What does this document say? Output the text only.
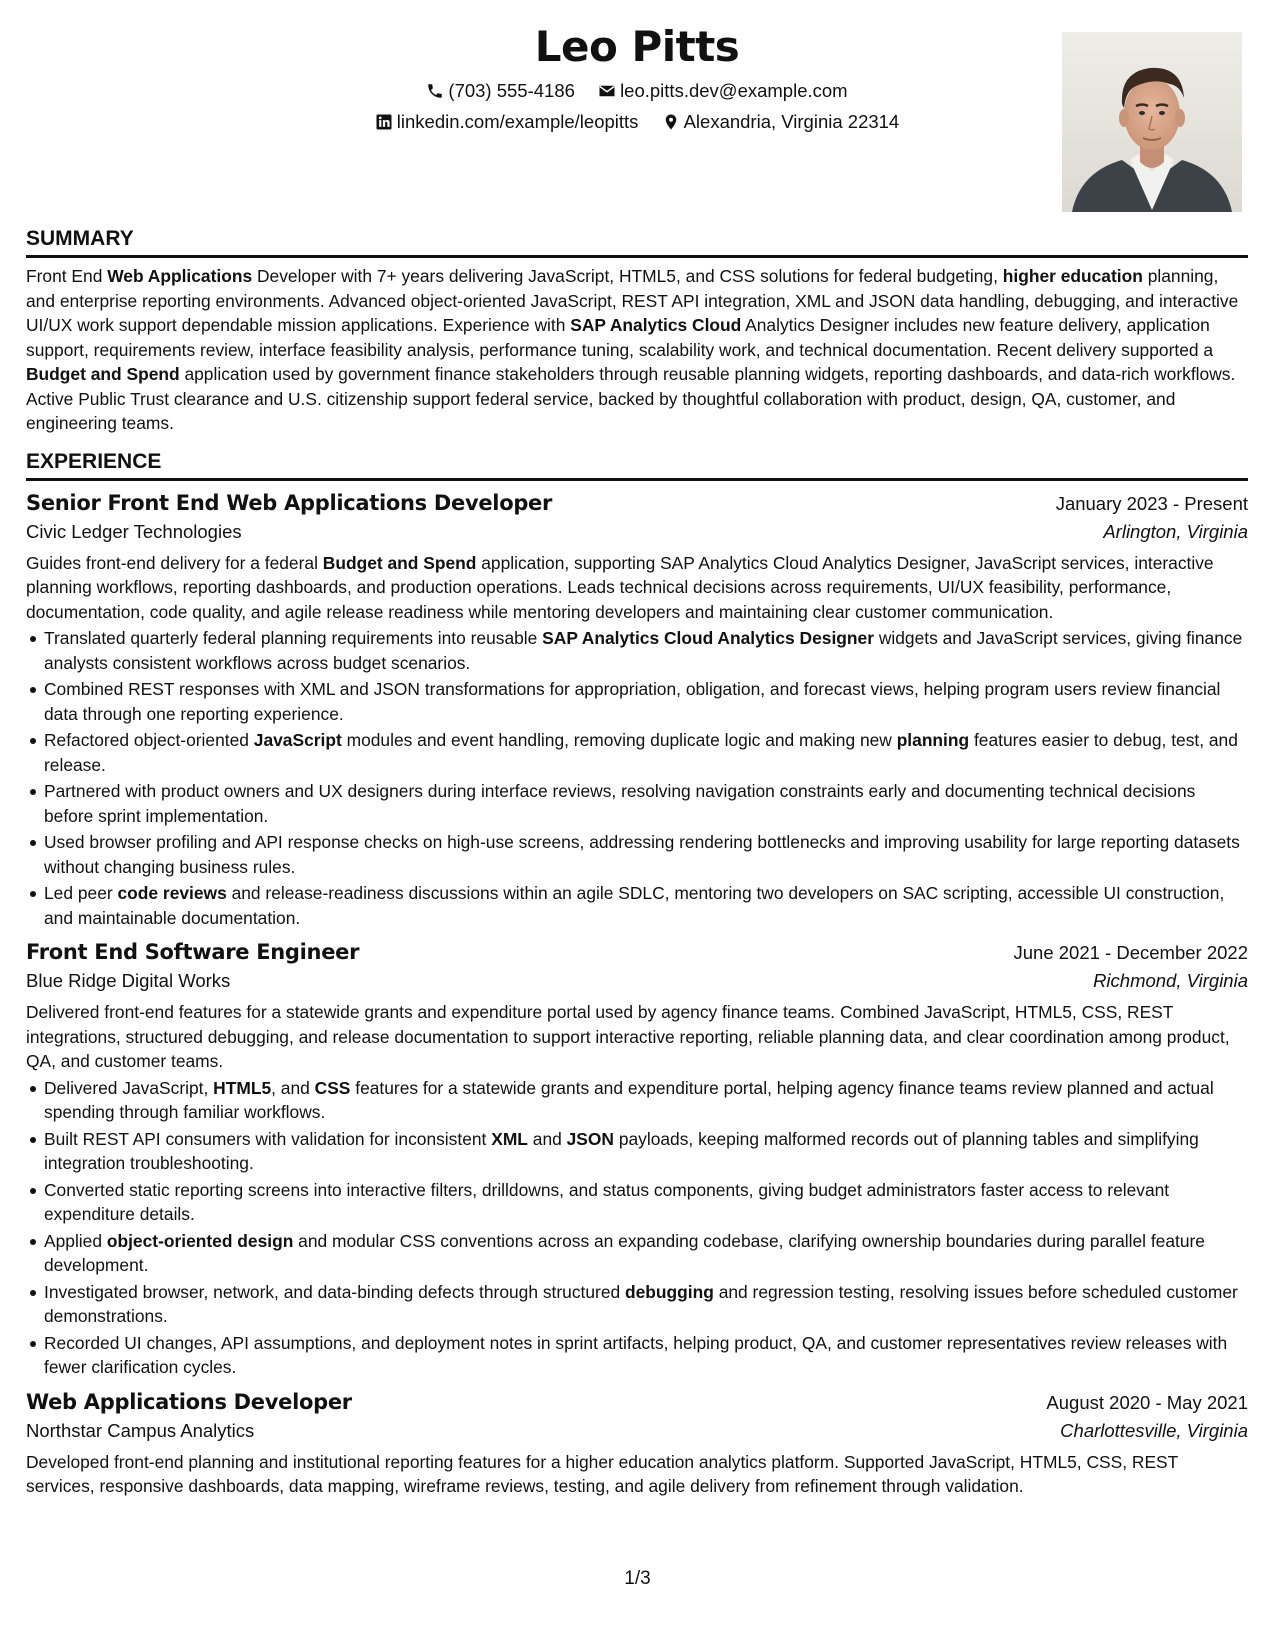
Leo Pitts
(703) 555-4186
leo.pitts.dev@example.com
linkedin.com/example/leopitts
Alexandria, Virginia 22314
SUMMARY

Front End Web Applications Developer with 7+ years delivering JavaScript, HTML5, and CSS solutions for federal budgeting, higher education planning, and enterprise reporting environments. Advanced object-oriented JavaScript, REST API integration, XML and JSON data handling, debugging, and interactive UI/UX work support dependable mission applications. Experience with SAP Analytics Cloud Analytics Designer includes new feature delivery, application support, requirements review, interface feasibility analysis, performance tuning, scalability work, and technical documentation. Recent delivery supported a Budget and Spend application used by government finance stakeholders through reusable planning widgets, reporting dashboards, and data-rich workflows. Active Public Trust clearance and U.S. citizenship support federal service, backed by thoughtful collaboration with product, design, QA, customer, and engineering teams.

EXPERIENCE
Senior Front End Web Applications Developer	January 2023 - Present
Civic Ledger Technologies	Arlington, Virginia

Guides front-end delivery for a federal Budget and Spend application, supporting SAP Analytics Cloud Analytics Designer, JavaScript services, interactive planning workflows, reporting dashboards, and production operations. Leads technical decisions across requirements, UI/UX feasibility, performance, documentation, code quality, and agile release readiness while mentoring developers and maintaining clear customer communication.

Translated quarterly federal planning requirements into reusable SAP Analytics Cloud Analytics Designer widgets and JavaScript services, giving finance analysts consistent workflows across budget scenarios.
Combined REST responses with XML and JSON transformations for appropriation, obligation, and forecast views, helping program users review financial data through one reporting experience.
Refactored object-oriented JavaScript modules and event handling, removing duplicate logic and making new planning features easier to debug, test, and release.
Partnered with product owners and UX designers during interface reviews, resolving navigation constraints early and documenting technical decisions before sprint implementation.
Used browser profiling and API response checks on high-use screens, addressing rendering bottlenecks and improving usability for large reporting datasets without changing business rules.
Led peer code reviews and release-readiness discussions within an agile SDLC, mentoring two developers on SAC scripting, accessible UI construction, and maintainable documentation.
Front End Software Engineer	June 2021 - December 2022
Blue Ridge Digital Works	Richmond, Virginia

Delivered front-end features for a statewide grants and expenditure portal used by agency finance teams. Combined JavaScript, HTML5, CSS, REST integrations, structured debugging, and release documentation to support interactive reporting, reliable planning data, and clear coordination among product, QA, and customer teams.

Delivered JavaScript, HTML5, and CSS features for a statewide grants and expenditure portal, helping agency finance teams review planned and actual spending through familiar workflows.
Built REST API consumers with validation for inconsistent XML and JSON payloads, keeping malformed records out of planning tables and simplifying integration troubleshooting.
Converted static reporting screens into interactive filters, drilldowns, and status components, giving budget administrators faster access to relevant expenditure details.
Applied object-oriented design and modular CSS conventions across an expanding codebase, clarifying ownership boundaries during parallel feature development.
Investigated browser, network, and data-binding defects through structured debugging and regression testing, resolving issues before scheduled customer demonstrations.
Recorded UI changes, API assumptions, and deployment notes in sprint artifacts, helping product, QA, and customer representatives review releases with fewer clarification cycles.
Web Applications Developer	August 2020 - May 2021
Northstar Campus Analytics	Charlottesville, Virginia

Developed front-end planning and institutional reporting features for a higher education analytics platform. Supported JavaScript, HTML5, CSS, REST services, responsive dashboards, data mapping, wireframe reviews, testing, and agile delivery from refinement through validation.

1/3
